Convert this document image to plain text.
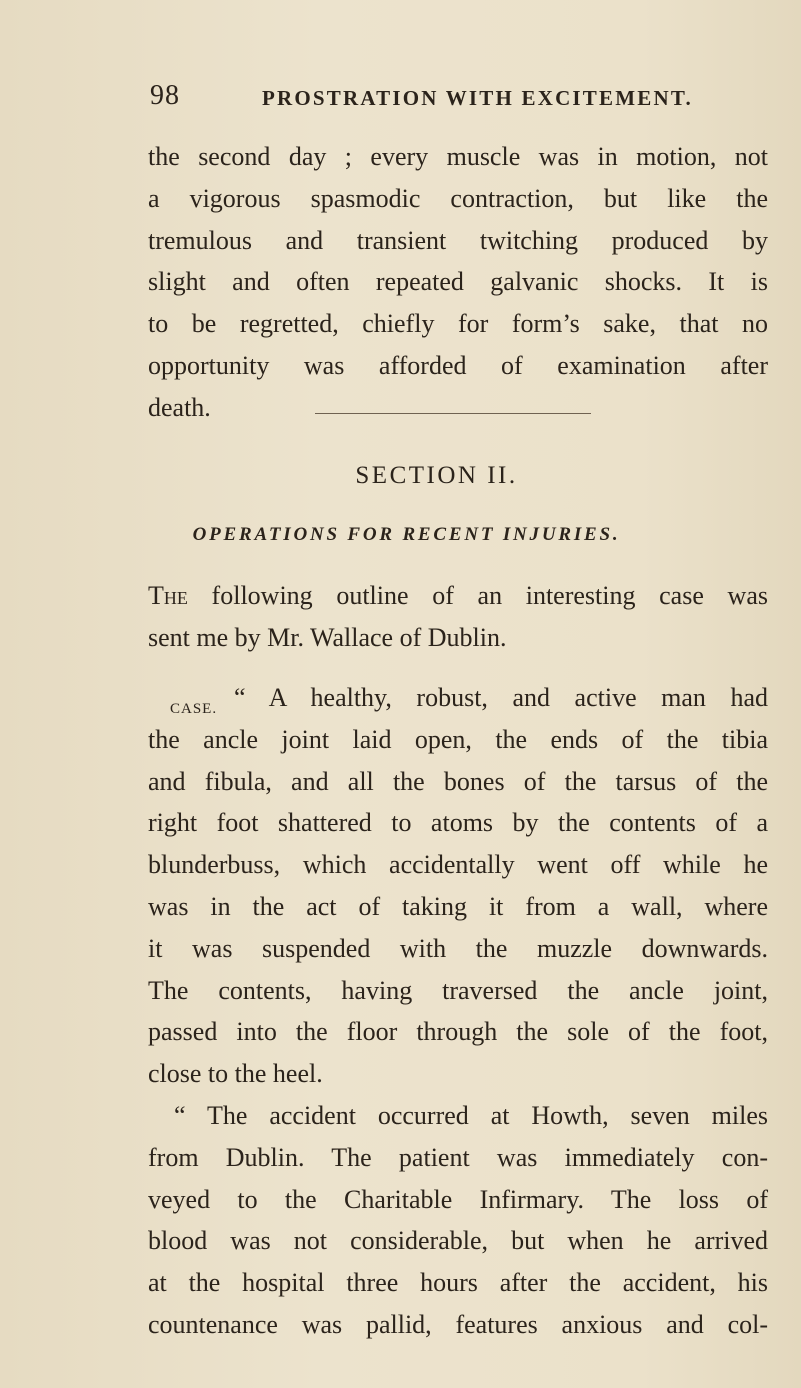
98	PROSTRATION WITH EXCITEMENT.
the second day ; every muscle was in motion, not
a vigorous spasmodic contraction, but like the
tremulous and transient twitching produced by
slight and often repeated galvanic shocks. It is
to be regretted, chiefly for form’s sake, that no
opportunity was afforded of examination after
death.
SECTION II.
OPERATIONS FOR RECENT INJURIES.
The following outline of an interesting case was
sent me by Mr. Wallace of Dublin.
CASE. “ A healthy, robust, and active man had
the ancle joint laid open, the ends of the tibia
and fibula, and all the bones of the tarsus of the
right foot shattered to atoms by the contents of a
blunderbuss, which accidentally went off while he
was in the act of taking it from a wall, where
it was suspended with the muzzle downwards.
The contents, having traversed the ancle joint,
passed into the floor through the sole of the foot,
close to the heel.
“ The accident occurred at Howth, seven miles
from Dublin. The patient was immediately con-
veyed to the Charitable Infirmary. The loss of
blood was not considerable, but when he arrived
at the hospital three hours after the accident, his
countenance was pallid, features anxious and col-
